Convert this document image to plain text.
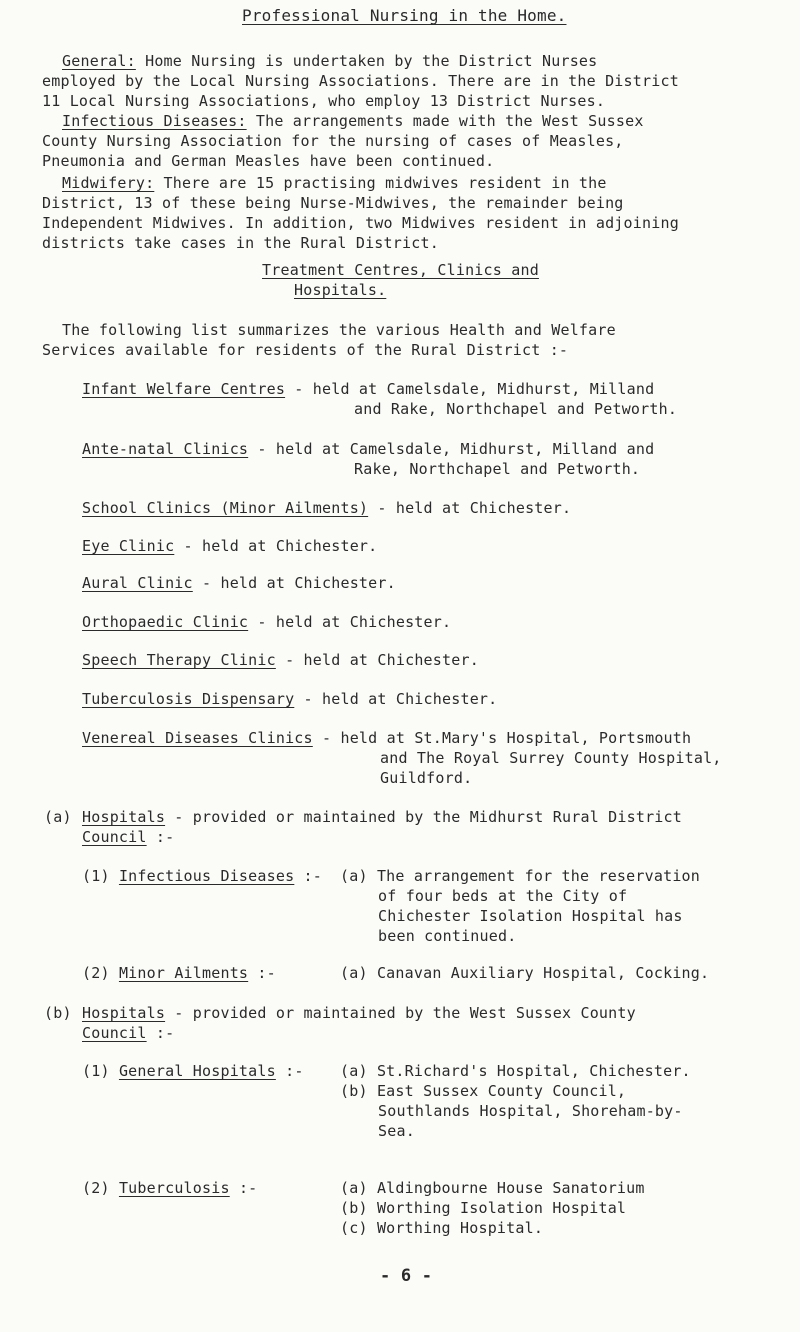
Professional Nursing in the Home.
General: Home Nursing is undertaken by the District Nurses
employed by the Local Nursing Associations. There are in the District
11 Local Nursing Associations, who employ 13 District Nurses.
Infectious Diseases: The arrangements made with the West Sussex
County Nursing Association for the nursing of cases of Measles,
Pneumonia and German Measles have been continued.
Midwifery: There are 15 practising midwives resident in the
District, 13 of these being Nurse-Midwives, the remainder being
Independent Midwives. In addition, two Midwives resident in adjoining
districts take cases in the Rural District.
Treatment Centres, Clinics and
Hospitals.
The following list summarizes the various Health and Welfare
Services available for residents of the Rural District :-
Infant Welfare Centres - held at Camelsdale, Midhurst, Milland
and Rake, Northchapel and Petworth.
Ante-natal Clinics - held at Camelsdale, Midhurst, Milland and
Rake, Northchapel and Petworth.
School Clinics (Minor Ailments) - held at Chichester.
Eye Clinic - held at Chichester.
Aural Clinic - held at Chichester.
Orthopaedic Clinic - held at Chichester.
Speech Therapy Clinic - held at Chichester.
Tuberculosis Dispensary - held at Chichester.
Venereal Diseases Clinics - held at St.Mary's Hospital, Portsmouth
and The Royal Surrey County Hospital,
Guildford.
(a) Hospitals - provided or maintained by the Midhurst Rural District
Council :-
(1) Infectious Diseases :- (a) The arrangement for the reservation
of four beds at the City of
Chichester Isolation Hospital has
been continued.
(2) Minor Ailments :-	(a) Canavan Auxiliary Hospital, Cocking.
(b) Hospitals - provided or maintained by the West Sussex County
Council :-
(1) General Hospitals :- (a) St.Richard's Hospital, Chichester.
(b) East Sussex County Council,
Southlands Hospital, Shoreham-by-
Sea.
(2) Tuberculosis :-	(a) Aldingbourne House Sanatorium
(b) Worthing Isolation Hospital
(c) Worthing Hospital.
- 6 -
